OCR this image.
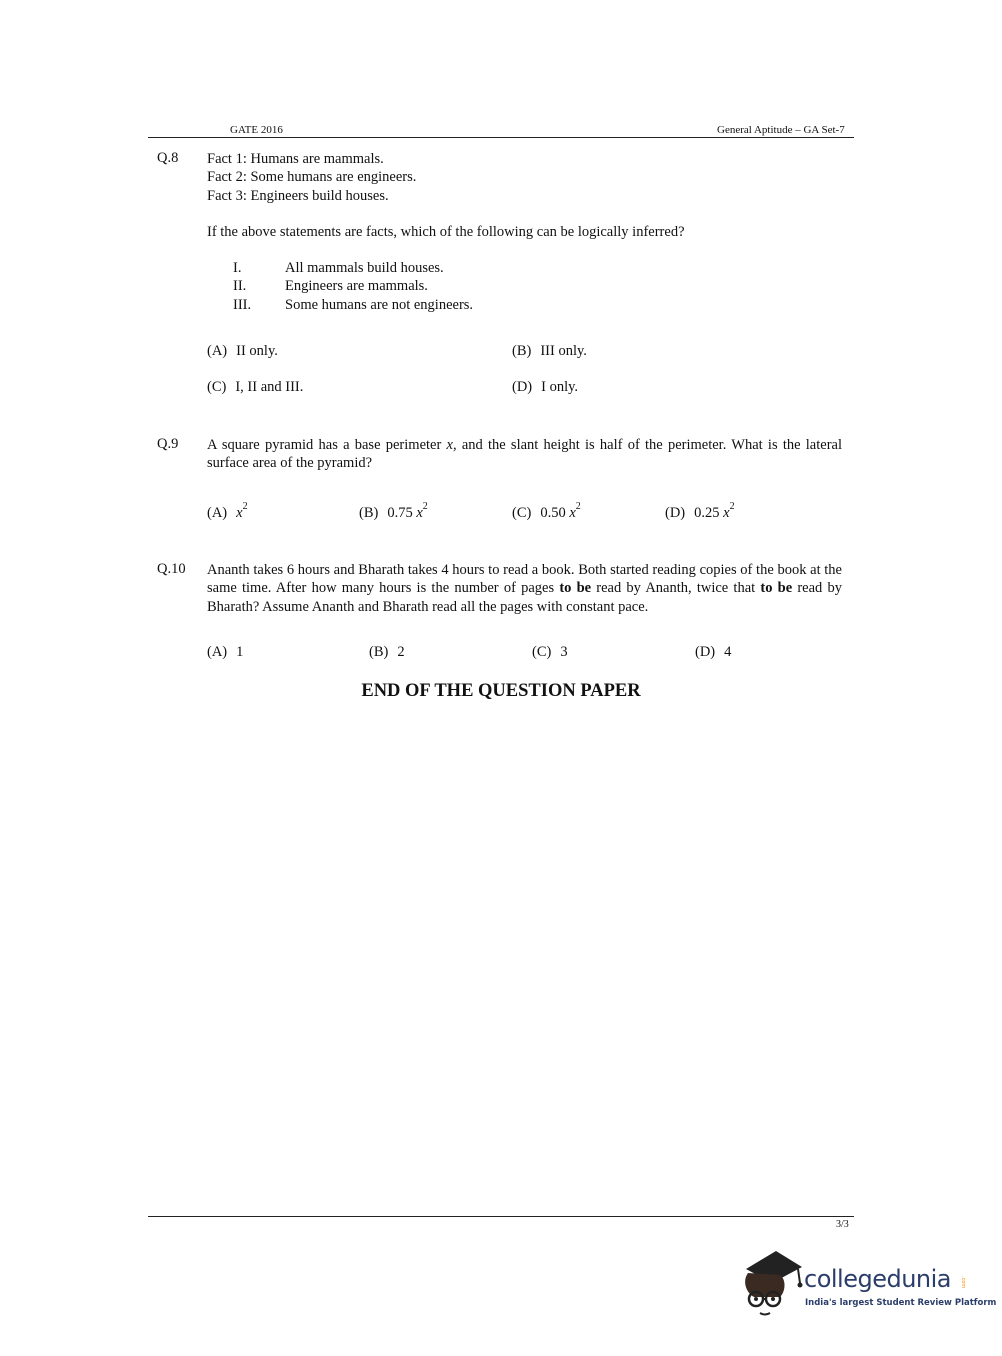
GATE 2016	General Aptitude – GA Set-7
Q.8 Fact 1: Humans are mammals.
Fact 2: Some humans are engineers.
Fact 3: Engineers build houses.
If the above statements are facts, which of the following can be logically inferred?
I.	All mammals build houses.
II.	Engineers are mammals.
III. Some humans are not engineers.
(A) II only.	(B) III only.
(C) I, II and III.	(D) I only.
Q.9 A square pyramid has a base perimeter x, and the slant height is half of the perimeter. What is the lateral surface area of the pyramid?
(A) $x^2$	(B) 0.75 $x^2$	(C) 0.50 $x^2$	(D) 0.25 $x^2$
Q.10 Ananth takes 6 hours and Bharath takes 4 hours to read a book. Both started reading copies of the book at the same time. After how many hours is the number of pages to be read by Ananth, twice that to be read by Bharath? Assume Ananth and Bharath read all the pages with constant pace.
(A) 1	(B) 2	(C) 3	(D) 4
END OF THE QUESTION PAPER
3/3
collegedunia .com
India's largest Student Review Platform
